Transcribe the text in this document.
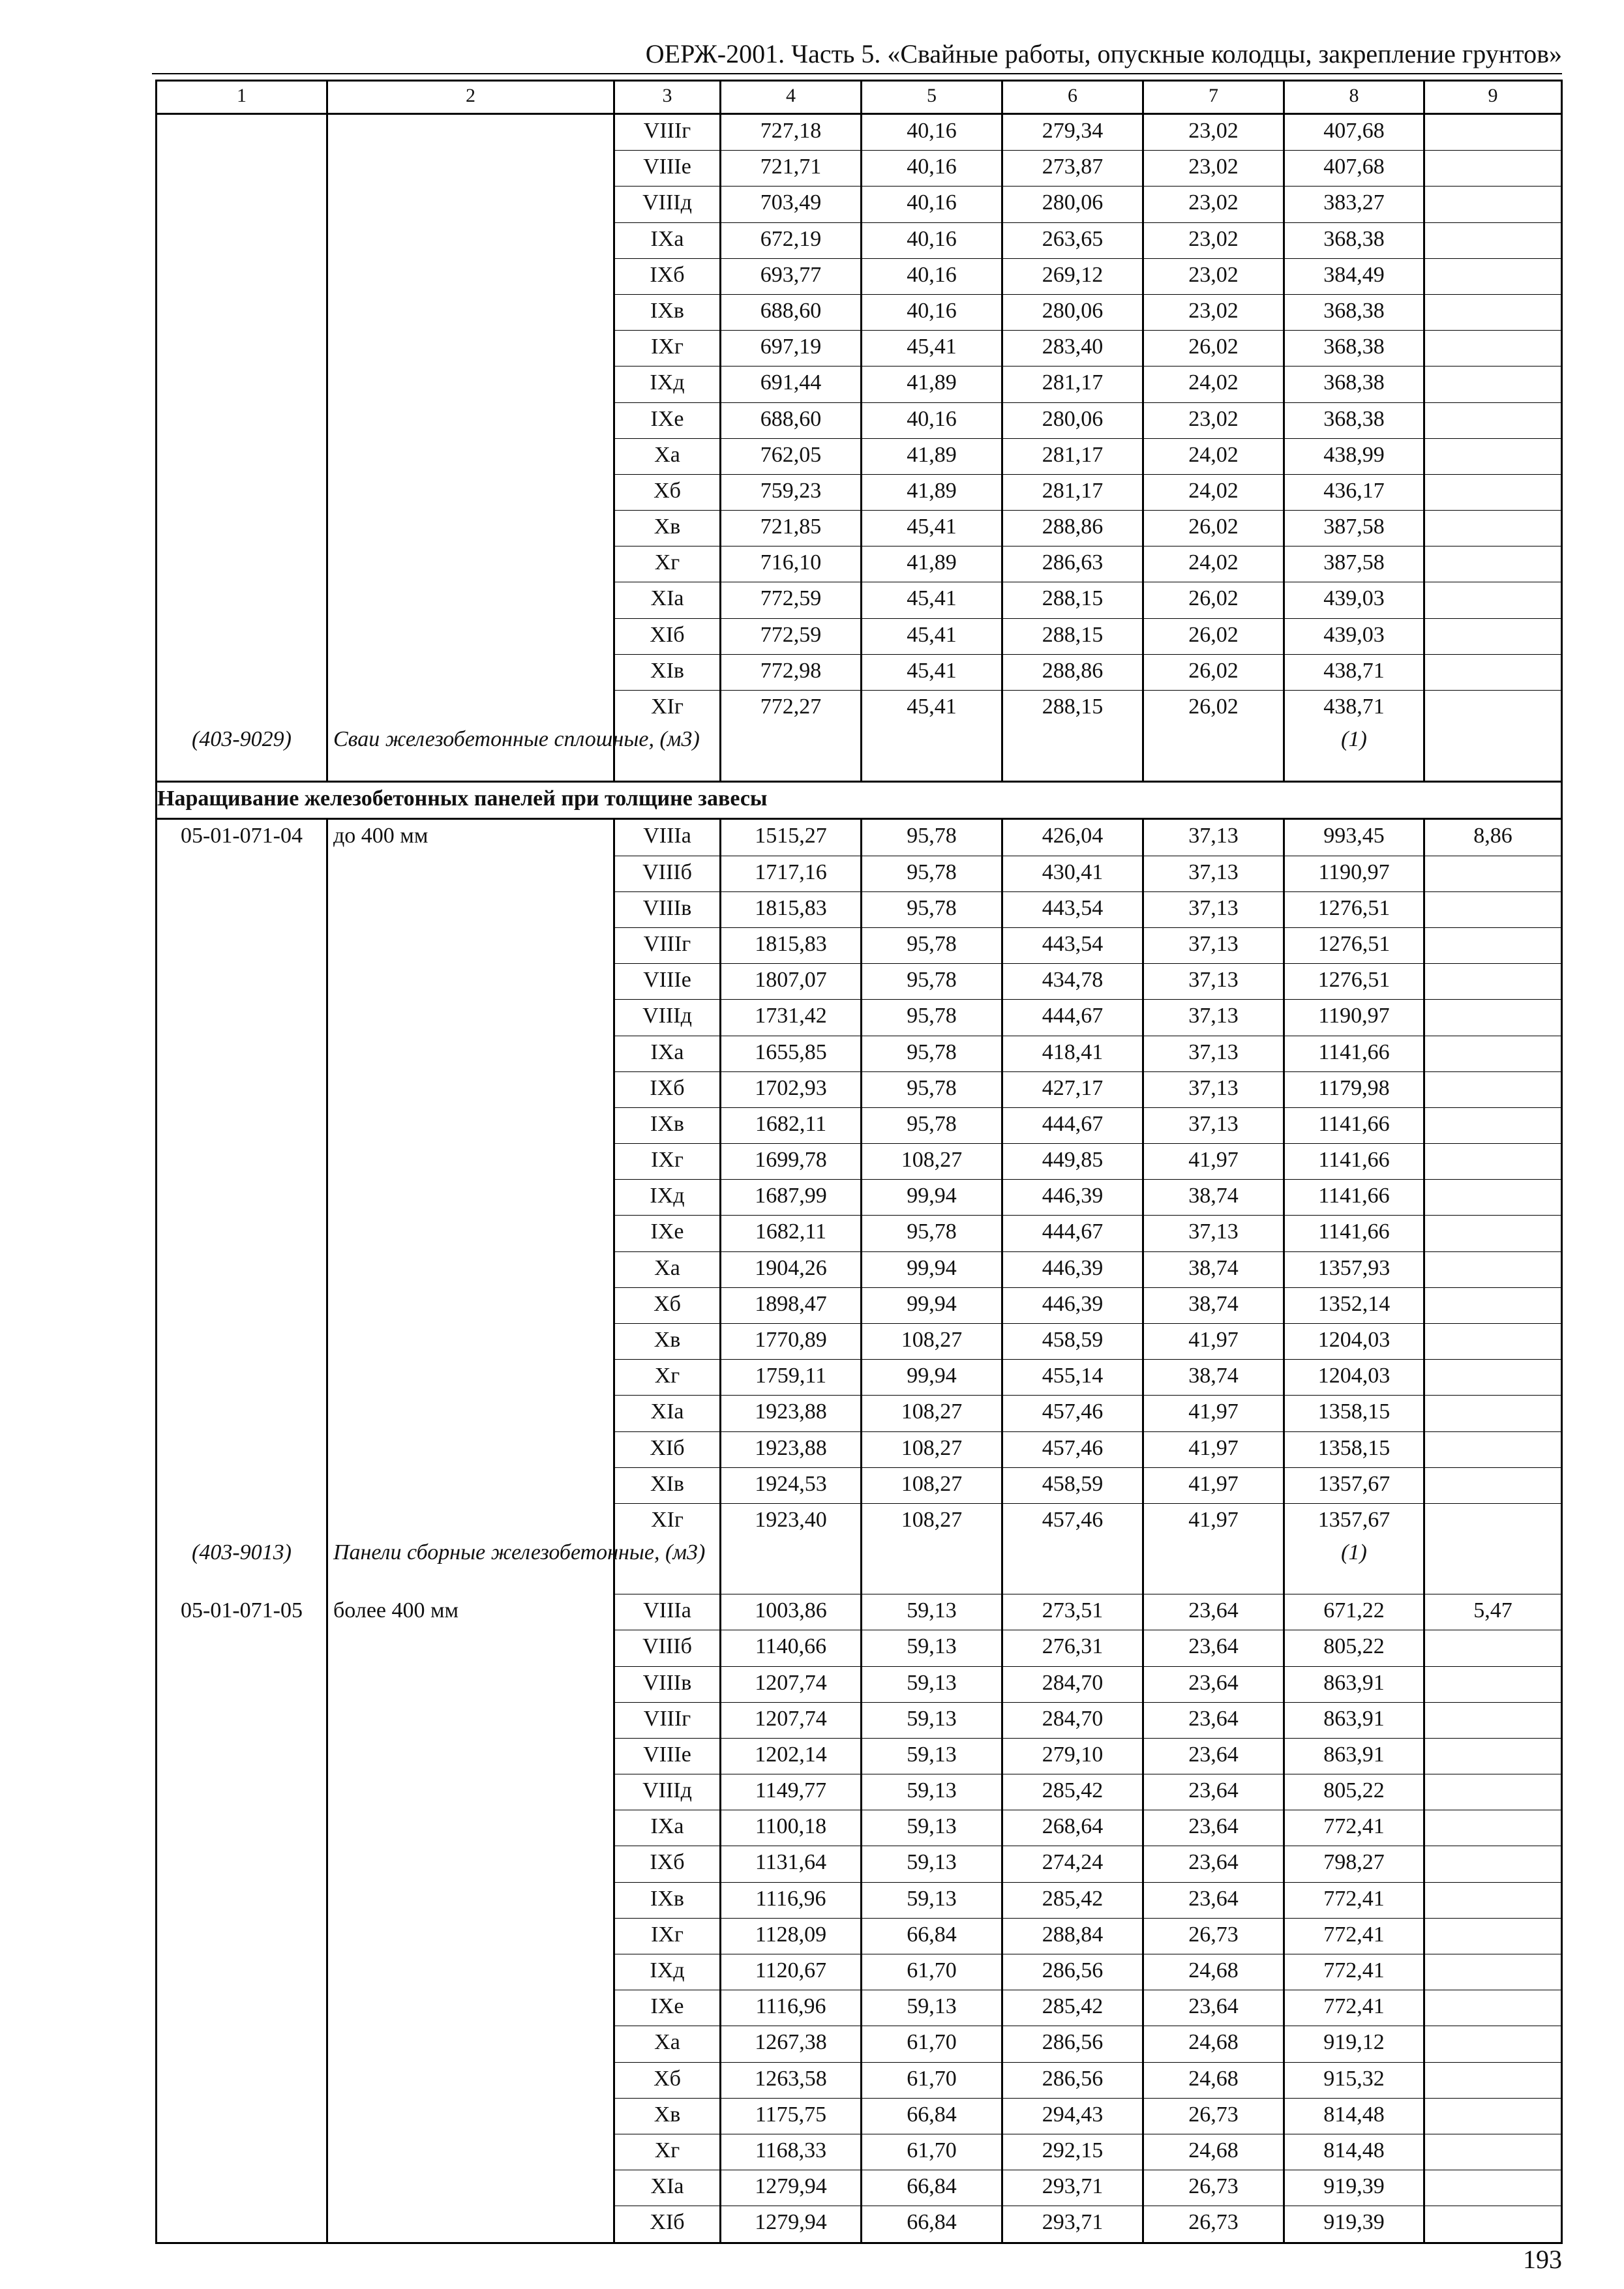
ОЕРЖ-2001. Часть 5. «Свайные работы, опускные колодцы, закрепление грунтов»
1	2	3	4	5	6	7	8	9
		VIIIг	727,18	40,16	279,34	23,02	407,68	
		VIIIе	721,71	40,16	273,87	23,02	407,68	
		VIIIд	703,49	40,16	280,06	23,02	383,27	
		IXа	672,19	40,16	263,65	23,02	368,38	
		IXб	693,77	40,16	269,12	23,02	384,49	
		IXв	688,60	40,16	280,06	23,02	368,38	
		IXг	697,19	45,41	283,40	26,02	368,38	
		IXд	691,44	41,89	281,17	24,02	368,38	
		IXе	688,60	40,16	280,06	23,02	368,38	
		Xа	762,05	41,89	281,17	24,02	438,99	
		Xб	759,23	41,89	281,17	24,02	436,17	
		Xв	721,85	45,41	288,86	26,02	387,58	
		Xг	716,10	41,89	286,63	24,02	387,58	
		XIа	772,59	45,41	288,15	26,02	439,03	
		XIб	772,59	45,41	288,15	26,02	439,03	
		XIв	772,98	45,41	288,86	26,02	438,71	
		XIг	772,27	45,41	288,15	26,02	438,71	
(403-9029)	Сваи железобетонные сплошные, (м3)						(1)	
Наращивание железобетонных панелей при толщине завесы								
05-01-071-04	до 400 мм	VIIIа	1515,27	95,78	426,04	37,13	993,45	8,86
		VIIIб	1717,16	95,78	430,41	37,13	1190,97	
		VIIIв	1815,83	95,78	443,54	37,13	1276,51	
		VIIIг	1815,83	95,78	443,54	37,13	1276,51	
		VIIIе	1807,07	95,78	434,78	37,13	1276,51	
		VIIIд	1731,42	95,78	444,67	37,13	1190,97	
		IXа	1655,85	95,78	418,41	37,13	1141,66	
		IXб	1702,93	95,78	427,17	37,13	1179,98	
		IXв	1682,11	95,78	444,67	37,13	1141,66	
		IXг	1699,78	108,27	449,85	41,97	1141,66	
		IXд	1687,99	99,94	446,39	38,74	1141,66	
		IXе	1682,11	95,78	444,67	37,13	1141,66	
		Xа	1904,26	99,94	446,39	38,74	1357,93	
		Xб	1898,47	99,94	446,39	38,74	1352,14	
		Xв	1770,89	108,27	458,59	41,97	1204,03	
		Xг	1759,11	99,94	455,14	38,74	1204,03	
		XIа	1923,88	108,27	457,46	41,97	1358,15	
		XIб	1923,88	108,27	457,46	41,97	1358,15	
		XIв	1924,53	108,27	458,59	41,97	1357,67	
		XIг	1923,40	108,27	457,46	41,97	1357,67	
(403-9013)	Панели сборные железобетонные, (м3)						(1)	
05-01-071-05	более 400 мм	VIIIа	1003,86	59,13	273,51	23,64	671,22	5,47
		VIIIб	1140,66	59,13	276,31	23,64	805,22	
		VIIIв	1207,74	59,13	284,70	23,64	863,91	
		VIIIг	1207,74	59,13	284,70	23,64	863,91	
		VIIIе	1202,14	59,13	279,10	23,64	863,91	
		VIIIд	1149,77	59,13	285,42	23,64	805,22	
		IXа	1100,18	59,13	268,64	23,64	772,41	
		IXб	1131,64	59,13	274,24	23,64	798,27	
		IXв	1116,96	59,13	285,42	23,64	772,41	
		IXг	1128,09	66,84	288,84	26,73	772,41	
		IXд	1120,67	61,70	286,56	24,68	772,41	
		IXе	1116,96	59,13	285,42	23,64	772,41	
		Xа	1267,38	61,70	286,56	24,68	919,12	
		Xб	1263,58	61,70	286,56	24,68	915,32	
		Xв	1175,75	66,84	294,43	26,73	814,48	
		Xг	1168,33	61,70	292,15	24,68	814,48	
		XIа	1279,94	66,84	293,71	26,73	919,39	
		XIб	1279,94	66,84	293,71	26,73	919,39	
193
